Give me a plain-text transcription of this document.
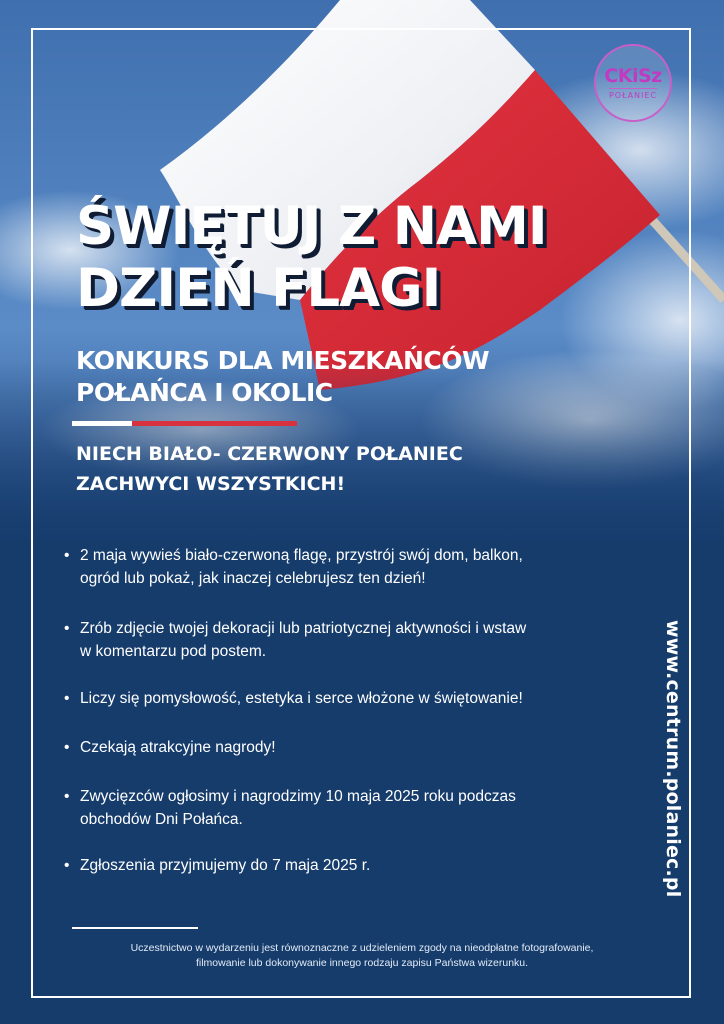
CKiSz
POŁANIEC
ŚWIĘTUJ Z NAMI
DZIEŃ FLAGI
KONKURS DLA MIESZKAŃCÓW
POŁAŃCA I OKOLIC
NIECH BIAŁO- CZERWONY POŁANIEC
ZACHWYCI WSZYSTKICH!
• 2 maja wywieś biało-czerwoną flagę, przystrój swój dom, balkon,
ogród lub pokaż, jak inaczej celebrujesz ten dzień!
• Zrób zdjęcie twojej dekoracji lub patriotycznej aktywności i wstaw
w komentarzu pod postem.
• Liczy się pomysłowość, estetyka i serce włożone w świętowanie!
• Czekają atrakcyjne nagrody!
• Zwycięzców ogłosimy i nagrodzimy 10 maja 2025 roku podczas
obchodów Dni Połańca.
• Zgłoszenia przyjmujemy do 7 maja 2025 r.	www.centrum.polaniec.pl

Uczestnictwo w wydarzeniu jest równoznaczne z udzieleniem zgody na nieodpłatne fotografowanie,
filmowanie lub dokonywanie innego rodzaju zapisu Państwa wizerunku.
